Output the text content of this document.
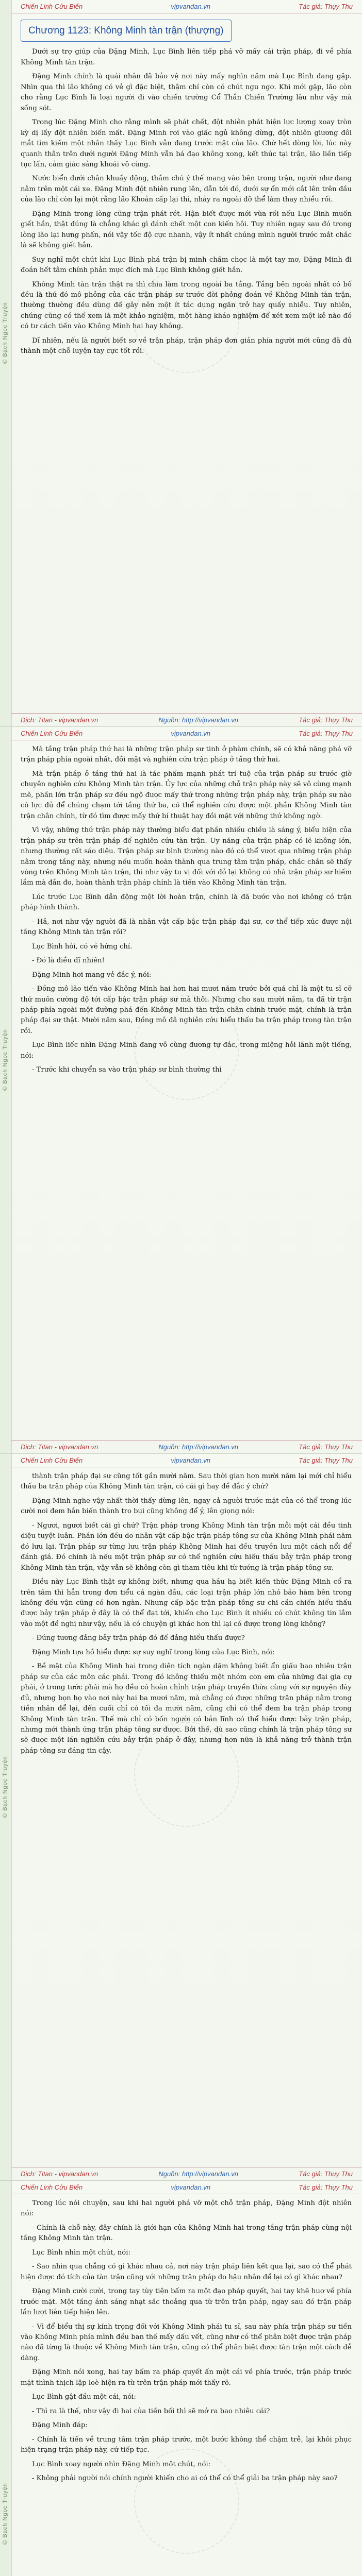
© Bạch Ngọc Truyện
Chiến Linh Cửu Biến	vipvandan.vn	Tác giả: Thụy Thu
Chương 1123: Không Minh tàn trận (thượng)

Dưới sự trợ giúp của Đặng Minh, Lục Bình liên tiếp phá vỡ mấy cái trận pháp, đi về phía Không Minh tàn trận.

Đặng Minh chính là quái nhân đã bảo vệ nơi này mấy nghìn năm mà Lục Bình đang gặp. Nhìn qua thì lão không có vẻ gì đặc biệt, thậm chí còn có chút ngu ngơ. Khi mới gặp, lão còn cho rằng Lục Bình là loại người đi vào chiến trường Cổ Thần Chiến Trường lâu như vậy mà sống sót.

Trong lúc Đặng Minh cho rằng mình sẽ phát chết, đột nhiên phát hiện lực lượng xoay tròn kỳ dị lấy đột nhiên biến mất. Đặng Minh rơi vào giấc ngủ không dừng, đột nhiên giương đôi mắt tìm kiếm một nhân thấy Lục Bình vẫn đang trước mặt của lão. Chờ hết dòng lời, lúc này quanh thân trên dưới người Đặng Minh vẫn bá đạo không xong, kết thúc tại trận, lão liền tiếp tục lấn, cảm giác sảng khoái vô cùng.

Nước biển dưới chân khuấy động, thầm chú ý thế mang vào bên trong trận, người như đang nằm trên một cái xe. Đặng Minh đột nhiên rung lên, dẫn tới đó, dưới sự ổn mới cắt lên trên đầu của lão chỉ còn lại một rằng lão Khoản cấp lại thì, nhảy ra ngoài đỡ thể làm thay nhiều rối.

Đặng Minh trong lòng cũng trận phát rét. Hận biết được mới vừa rồi nếu Lục Bình muốn giết hắn, thật đúng là chẳng khác gì đánh chết một con kiến hôi. Tuy nhiên ngay sau đó trong lòng lão lại hưng phấn, nói vậy tốc độ cực nhanh, vậy ít nhất chúng mình người trước mắt chắc là sẽ không giết hắn.

Suy nghĩ một chút khi Lục Bình phá trận bị minh chấm chọc là một tay mơ, Đặng Minh đi đoán hết tâm chính phản mực đích mà Lục Bình không giết hắn.

Không Minh tàn trận thật ra thì chia làm trong ngoài ba tầng. Tầng bên ngoài nhất có bố đều là thứ đó mô phỏng của các trận pháp sư trước đời phỏng đoán về Không Minh tàn trận, thường thường đều dùng để gây nên một ít tác dụng ngăn trở hay quấy nhiễu. Tuy nhiên, chúng cũng có thể xem là một khảo nghiệm, một hàng kháo nghiệm để xét xem một kẻ nào đó có tư cách tiến vào Không Minh hai hay không.

Dĩ nhiên, nếu là người biết sơ về trận pháp, trận pháp đơn giản phía người mới cũng đã đủ thành một chỗ luyện tay cực tốt rồi.

Dịch: Titan - vipvandan.vn	Nguồn: http://vipvandan.vn	Tác giả: Thụy Thu
© Bạch Ngọc Truyện
Chiến Linh Cửu Biến	vipvandan.vn	Tác giả: Thụy Thu

Mà tầng trận pháp thứ hai là những trận pháp sư tinh ở phàm chính, sẽ có khả năng phá vỡ trận pháp phía ngoài nhất, đồi mặt và nghiên cứu trận pháp ở tầng thứ hai.

Mà trận pháp ở tầng thứ hai là tác phẩm mạnh phát trí tuệ của trận pháp sư trước giờ chuyên nghiên cứu Không Minh tàn trận. Ủy lực của những chỗ trận pháp này sẽ vô cùng mạnh mẽ, phần lớn trận pháp sư đều ngộ được mấy thứ trong những trận pháp này, trận pháp sư nào có lực đủ để chúng chạm tới tầng thứ ba, có thể nghiên cứu được một phần Không Minh tàn trận chân chính, từ đó tìm được mấy thứ bí thuật hay đồi mặt với những thứ không ngờ.

Vì vậy, những thứ trận pháp này thường biểu đạt phần nhiều chiều là sáng ý, biểu hiện của trận pháp sư trên trận pháp để nghiên cứu tàn trận. Uy năng của trận pháp có lẽ không lớn, nhưng thường rất sáo diệu. Trận pháp sư bình thường nào đó có thể vượt qua những trận pháp nằm trong tầng này, nhưng nếu muốn hoàn thành qua trung tâm trận pháp, chắc chắn sẽ thấy vòng trên Không Minh tàn trận, thì như vậy tu vị đối với đỏ lại không có nhà trận pháp sư hiếm lắm mà đắn đo, hoàn thành trận pháp chính là tiến vào Không Minh tàn trận.

Lúc trước Lục Bình dẫn động một lời hoàn trận, chính là đã bước vào nơi không có trận pháp hình thành.

- Hả, nơi như vậy người đã là nhân vật cấp bậc trận pháp đại sư, cơ thể tiếp xúc được nội tầng Không Minh tàn trận rồi?

Lục Bình hỏi, có vẻ hứng chí.

- Đó là điều dĩ nhiên!

Đặng Minh hơi mang vẻ đắc ý, nói:

- Đồng mô lão tiến vào Không Minh hai hơn hai mươi năm trước bởi quá chỉ là một tu sĩ cỡ thứ muôn cường độ tới cấp bậc trận pháp sư mà thôi. Nhưng cho sau mười năm, ta đã từ trận pháp phía ngoài một đường phá đến Không Minh tàn trận chân chính trước mặt, chính là trận pháp đại sư thật. Mười năm sau, Đồng mô đã nghiên cứu hiểu thấu ba trận pháp trong tàn trận rồi.

Lục Bình liếc nhìn Đặng Minh đang vô cùng đương tự đắc, trong miệng hỏi lãnh một tiếng, nói:

- Trước khi chuyển sa vào trận pháp sư bình thường thì

Dịch: Titan - vipvandan.vn	Nguồn: http://vipvandan.vn	Tác giả: Thụy Thu
© Bạch Ngọc Truyện
Chiến Linh Cửu Biến	vipvandan.vn	Tác giả: Thụy Thu

thành trận pháp đại sư cũng tốt gần mười năm. Sau thời gian hơn mười năm lại mới chỉ hiểu thấu ba trận pháp của Không Minh tàn trận, có cái gì hay đề đắc ý chứ?

Đặng Minh nghe vậy nhất thời thấy dừng lên, ngay cả người trước mặt của có thể trong lúc cười noi đem hắn biến thành tro bụi cũng không để ý, lên giọng nói:

- Ngươi, ngươi biết cái gì chứ? Trận pháp trong Không Minh tàn trận mỗi một cái đều tinh diệu tuyệt luân. Phần lớn đều do nhân vật cấp bậc trận pháp tông sư của Không Minh phái năm đó lưu lại. Trận pháp sư từng lưu trận pháp Không Minh hai đều truyền lưu một cách nổi để đánh giá. Đó chính là nếu một trận pháp sư có thể nghiên cứu hiểu thấu bảy trận pháp trong Không Minh tàn trận, vậy vẫn sẽ không còn gì tham tiêu khi từ tướng là trận pháp tông sư.

Điều này Lục Bình thật sự không biết, nhưng qua hầu hạ biết kiến thức Đặng Minh cổ ra trên tâm thì hẳn trong đơn tiểu cả ngàn đầu, các loại trận pháp lớn nhỏ bảo hàm bên trong không đều vận cũng có hơn ngàn. Nhưng cấp bậc trận pháp tông sư chi cần chiến hiểu thấu được bảy trận pháp ở đây là có thể đạt tới, khiến cho Lục Bình ít nhiều có chút không tin lắm vào một đề nghị như vậy, nếu là có chuyện gì khác hơn thì lại có được trong lòng không?

- Đúng tương đảng bảy trận pháp đó để đảng hiểu thấu được?

Đặng Minh tựa hồ hiểu được sự suy nghĩ trong lòng của Lục Bình, nói:

- Bề mặt của Không Minh hai trong diện tích ngàn dặm không biết ẩn giấu bao nhiêu trận pháp sư của các môn các phái. Trong đó không thiếu một nhóm con em của những đại gia cự phái, ở trong tước phái mà họ đều có hoàn chỉnh trận pháp truyền thừa cùng với sự nguyện đày đủ, nhưng bọn họ vào nơi này hai ba mươi năm, mà chẳng có được những trận pháp nằm trong tiền nhân để lại, đến cuối chỉ có tối đa mười năm, cũng chỉ có thể đem ba trận pháp trong Không Minh tàn trận. Thế mà chỉ có bốn người có bản lĩnh có thể hiểu được bảy trận pháp, nhưng mới thành ứng trận pháp tông sư được. Bởi thế, dù sao cũng chính là trận pháp tông sư sẽ được một lần nghiên cứu bảy trận pháp ở đây, nhưng hơn nữa là khả năng trở thành trận pháp tông sư đáng tin cậy.

Dịch: Titan - vipvandan.vn	Nguồn: http://vipvandan.vn	Tác giả: Thụy Thu
© Bạch Ngọc Truyện
Chiến Linh Cửu Biến	vipvandan.vn	Tác giả: Thụy Thu

Trong lúc nói chuyện, sau khi hai người phá vỡ một chỗ trận pháp, Đặng Minh đột nhiên nói:

- Chính là chỗ này, đây chính là giới hạn của Không Minh hai trong tầng trận pháp cùng nội tầng Không Minh tàn trận.

Lục Bình nhìn một chút, nói:

- Sao nhìn qua chẳng có gì khác nhau cả, nơi này trận pháp liên kết qua lại, sao có thể phát hiện được đó tích của tàn trận cũng với những trận pháp do hậu nhân để lại có gì khác nhau?

Đặng Minh cười cười, trong tay tùy tiện bấm ra một đạo pháp quyết, hai tay khẽ huơ về phía trước mặt. Một tầng ánh sáng nhạt sắc thoảng qua từ trên trận pháp, ngay sau đó trận pháp lần lượt liên tiếp hiện lên.

- Vì để biểu thị sự kính trọng đối với Không Minh phái tu sĩ, sau này phía trận pháp sư tiến vào Không Minh phía mình đều ban thế mấy dấu vết, cũng như có thể phân biệt được trận pháp nào đã từng là thuộc về Không Minh tàn trận, cũng có thể phân biệt được tàn trận một cách dễ dàng.

Đặng Minh nói xong, hai tay bấm ra pháp quyết ấn một cái về phía trước, trận pháp trước mặt thình thịch lập loè hiện ra từ trên trận pháp mới thấy rõ.

Lục Bình gật đầu một cái, nói:

- Thì ra là thế, như vậy đi hai của tiền bối thì sẽ mở ra bao nhiêu cái?

Đặng Minh đáp:

- Chính là tiến về trung tâm trận pháp trước, một bước không thể chậm trễ, lại khôi phục hiện trạng trận pháp này, cứ tiếp tục.

Lục Bình xoay người nhìn Đặng Minh một chút, nói:

- Không phải người nói chính người khiến cho ai có thể có thể giải ba trận pháp này sao?
